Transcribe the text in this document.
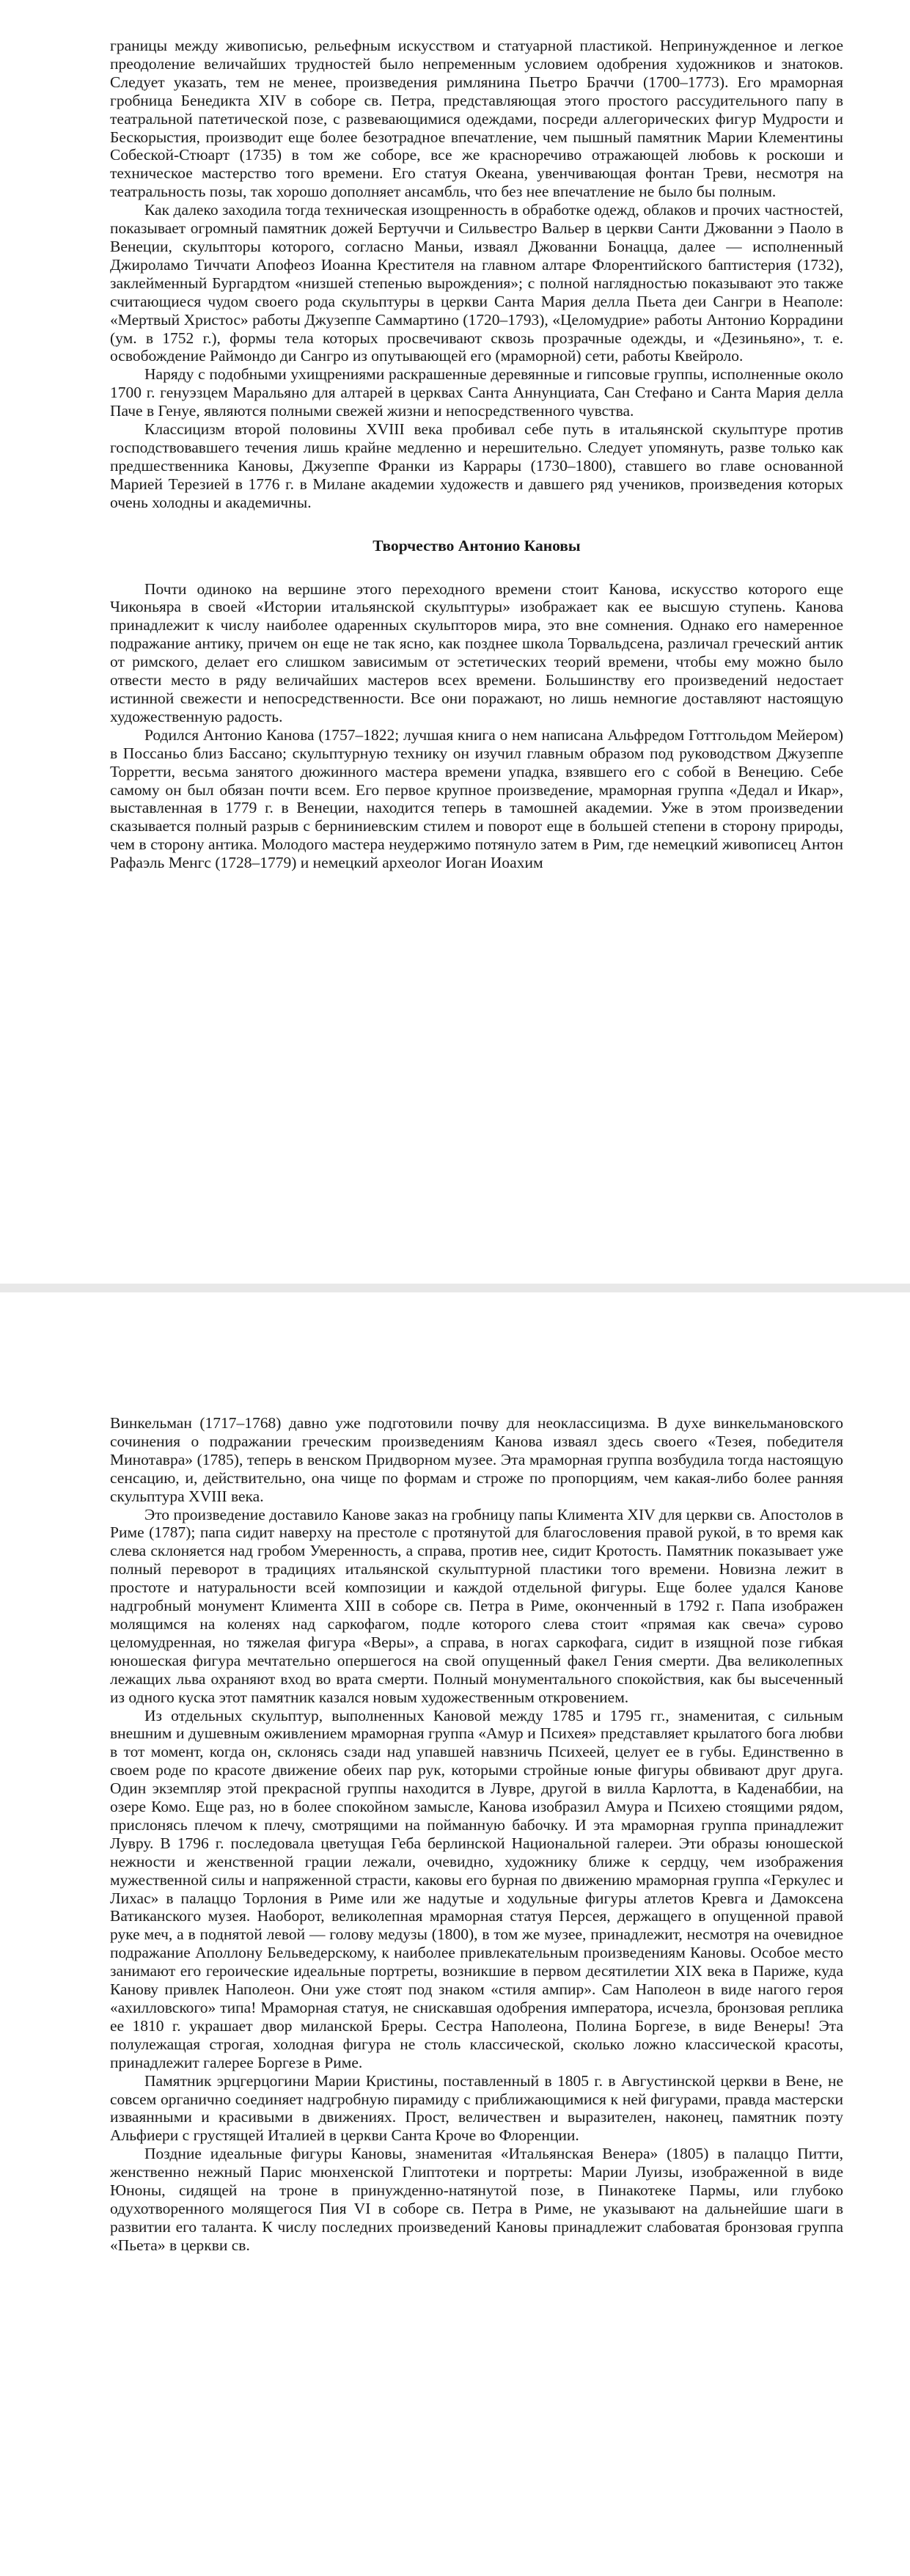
границы между живописью, рельефным искусством и статуарной пластикой. Непринужденное и легкое преодоление величайших трудностей было непременным условием одобрения художников и знатоков. Следует указать, тем не менее, произведения римлянина Пьетро Браччи (1700–1773). Его мраморная гробница Бенедикта XIV в соборе св. Петра, представляющая этого простого рассудительного папу в театральной патетической позе, с развевающимися одеждами, посреди аллегорических фигур Мудрости и Бескорыстия, производит еще более безотрадное впечатление, чем пышный памятник Марии Клементины Собеской-Стюарт (1735) в том же соборе, все же красноречиво отражающей любовь к роскоши и техническое мастерство того времени. Его статуя Океана, увенчивающая фонтан Треви, несмотря на театральность позы, так хорошо дополняет ансамбль, что без нее впечатление не было бы полным.

Как далеко заходила тогда техническая изощренность в обработке одежд, облаков и прочих частностей, показывает огромный памятник дожей Бертуччи и Сильвестро Вальер в церкви Санти Джованни э Паоло в Венеции, скульпторы которого, согласно Маньи, изваял Джованни Бонацца, далее — исполненный Джироламо Тиччати Апофеоз Иоанна Крестителя на главном алтаре Флорентийского баптистерия (1732), заклейменный Бургардтом «низшей степенью вырождения»; с полной наглядностью показывают это также считающиеся чудом своего рода скульптуры в церкви Санта Мария делла Пьета деи Сангри в Неаполе: «Мертвый Христос» работы Джузеппе Саммартино (1720–1793), «Целомудрие» работы Антонио Коррадини (ум. в 1752 г.), формы тела которых просвечивают сквозь прозрачные одежды, и «Дезиньяно», т. е. освобождение Раймондо ди Сангро из опутывающей его (мраморной) сети, работы Квейроло.

Наряду с подобными ухищрениями раскрашенные деревянные и гипсовые группы, исполненные около 1700 г. генуэзцем Маральяно для алтарей в церквах Санта Аннунциата, Сан Стефано и Санта Мария делла Паче в Генуе, являются полными свежей жизни и непосредственного чувства.

Классицизм второй половины XVIII века пробивал себе путь в итальянской скульптуре против господствовавшего течения лишь крайне медленно и нерешительно. Следует упомянуть, разве только как предшественника Кановы, Джузеппе Франки из Каррары (1730–1800), ставшего во главе основанной Марией Терезией в 1776 г. в Милане академии художеств и давшего ряд учеников, произведения которых очень холодны и академичны.

Творчество Антонио Кановы

Почти одиноко на вершине этого переходного времени стоит Канова, искусство которого еще Чиконьяра в своей «Истории итальянской скульптуры» изображает как ее высшую ступень. Канова принадлежит к числу наиболее одаренных скульпторов мира, это вне сомнения. Однако его намеренное подражание антику, причем он еще не так ясно, как позднее школа Торвальдсена, различал греческий антик от римского, делает его слишком зависимым от эстетических теорий времени, чтобы ему можно было отвести место в ряду величайших мастеров всех времени. Большинству его произведений недостает истинной свежести и непосредственности. Все они поражают, но лишь немногие доставляют настоящую художественную радость.

Родился Антонио Канова (1757–1822; лучшая книга о нем написана Альфредом Готтгольдом Мейером) в Поссаньо близ Бассано; скульптурную технику он изучил главным образом под руководством Джузеппе Торретти, весьма занятого дюжинного мастера времени упадка, взявшего его с собой в Венецию. Себе самому он был обязан почти всем. Его первое крупное произведение, мраморная группа «Дедал и Икар», выставленная в 1779 г. в Венеции, находится теперь в тамошней академии. Уже в этом произведении сказывается полный разрыв с берниниевским стилем и поворот еще в большей степени в сторону природы, чем в сторону антика. Молодого мастера неудержимо потянуло затем в Рим, где немецкий живописец Антон Рафаэль Менгс (1728–1779) и немецкий археолог Иоган Иоахим

Винкельман (1717–1768) давно уже подготовили почву для неоклассицизма. В духе винкельмановского сочинения о подражании греческим произведениям Канова изваял здесь своего «Тезея, победителя Минотавра» (1785), теперь в венском Придворном музее. Эта мраморная группа возбудила тогда настоящую сенсацию, и, действительно, она чище по формам и строже по пропорциям, чем какая-либо более ранняя скульптура XVIII века.

Это произведение доставило Канове заказ на гробницу папы Климента XIV для церкви св. Апостолов в Риме (1787); папа сидит наверху на престоле с протянутой для благословения правой рукой, в то время как слева склоняется над гробом Умеренность, а справа, против нее, сидит Кротость. Памятник показывает уже полный переворот в традициях итальянской скульптурной пластики того времени. Новизна лежит в простоте и натуральности всей композиции и каждой отдельной фигуры. Еще более удался Канове надгробный монумент Климента XIII в соборе св. Петра в Риме, оконченный в 1792 г. Папа изображен молящимся на коленях над саркофагом, подле которого слева стоит «прямая как свеча» сурово целомудренная, но тяжелая фигура «Веры», а справа, в ногах саркофага, сидит в изящной позе гибкая юношеская фигура мечтательно опершегося на свой опущенный факел Гения смерти. Два великолепных лежащих льва охраняют вход во врата смерти. Полный монументального спокойствия, как бы высеченный из одного куска этот памятник казался новым художественным откровением.

Из отдельных скульптур, выполненных Кановой между 1785 и 1795 гг., знаменитая, с сильным внешним и душевным оживлением мраморная группа «Амур и Психея» представляет крылатого бога любви в тот момент, когда он, склонясь сзади над упавшей навзничь Психеей, целует ее в губы. Единственно в своем роде по красоте движение обеих пар рук, которыми стройные юные фигуры обвивают друг друга. Один экземпляр этой прекрасной группы находится в Лувре, другой в вилла Карлотта, в Каденаббии, на озере Комо. Еще раз, но в более спокойном замысле, Канова изобразил Амура и Психею стоящими рядом, прислонясь плечом к плечу, смотрящими на пойманную бабочку. И эта мраморная группа принадлежит Лувру. В 1796 г. последовала цветущая Геба берлинской Национальной галереи. Эти образы юношеской нежности и женственной грации лежали, очевидно, художнику ближе к сердцу, чем изображения мужественной силы и напряженной страсти, каковы его бурная по движению мраморная группа «Геркулес и Лихас» в палаццо Торлония в Риме или же надутые и ходульные фигуры атлетов Кревга и Дамоксена Ватиканского музея. Наоборот, великолепная мраморная статуя Персея, держащего в опущенной правой руке меч, а в поднятой левой — голову медузы (1800), в том же музее, принадлежит, несмотря на очевидное подражание Аполлону Бельведерскому, к наиболее привлекательным произведениям Кановы. Особое место занимают его героические идеальные портреты, возникшие в первом десятилетии XIX века в Париже, куда Канову привлек Наполеон. Они уже стоят под знаком «стиля ампир». Сам Наполеон в виде нагого героя «ахилловского» типа! Мраморная статуя, не снискавшая одобрения императора, исчезла, бронзовая реплика ее 1810 г. украшает двор миланской Бреры. Сестра Наполеона, Полина Боргезе, в виде Венеры! Эта полулежащая строгая, холодная фигура не столь классической, сколько ложно классической красоты, принадлежит галерее Боргезе в Риме.

Памятник эрцгерцогини Марии Кристины, поставленный в 1805 г. в Августинской церкви в Вене, не совсем органично соединяет надгробную пирамиду с приближающимися к ней фигурами, правда мастерски изваянными и красивыми в движениях. Прост, величествен и выразителен, наконец, памятник поэту Альфиери с грустящей Италией в церкви Санта Кроче во Флоренции.

Поздние идеальные фигуры Кановы, знаменитая «Итальянская Венера» (1805) в палаццо Питти, женственно нежный Парис мюнхенской Глиптотеки и портреты: Марии Луизы, изображенной в виде Юноны, сидящей на троне в принужденно-натянутой позе, в Пинакотеке Пармы, или глубоко одухотворенного молящегося Пия VI в соборе св. Петра в Риме, не указывают на дальнейшие шаги в развитии его таланта. К числу последних произведений Кановы принадлежит слабоватая бронзовая группа «Пьета» в церкви св.
